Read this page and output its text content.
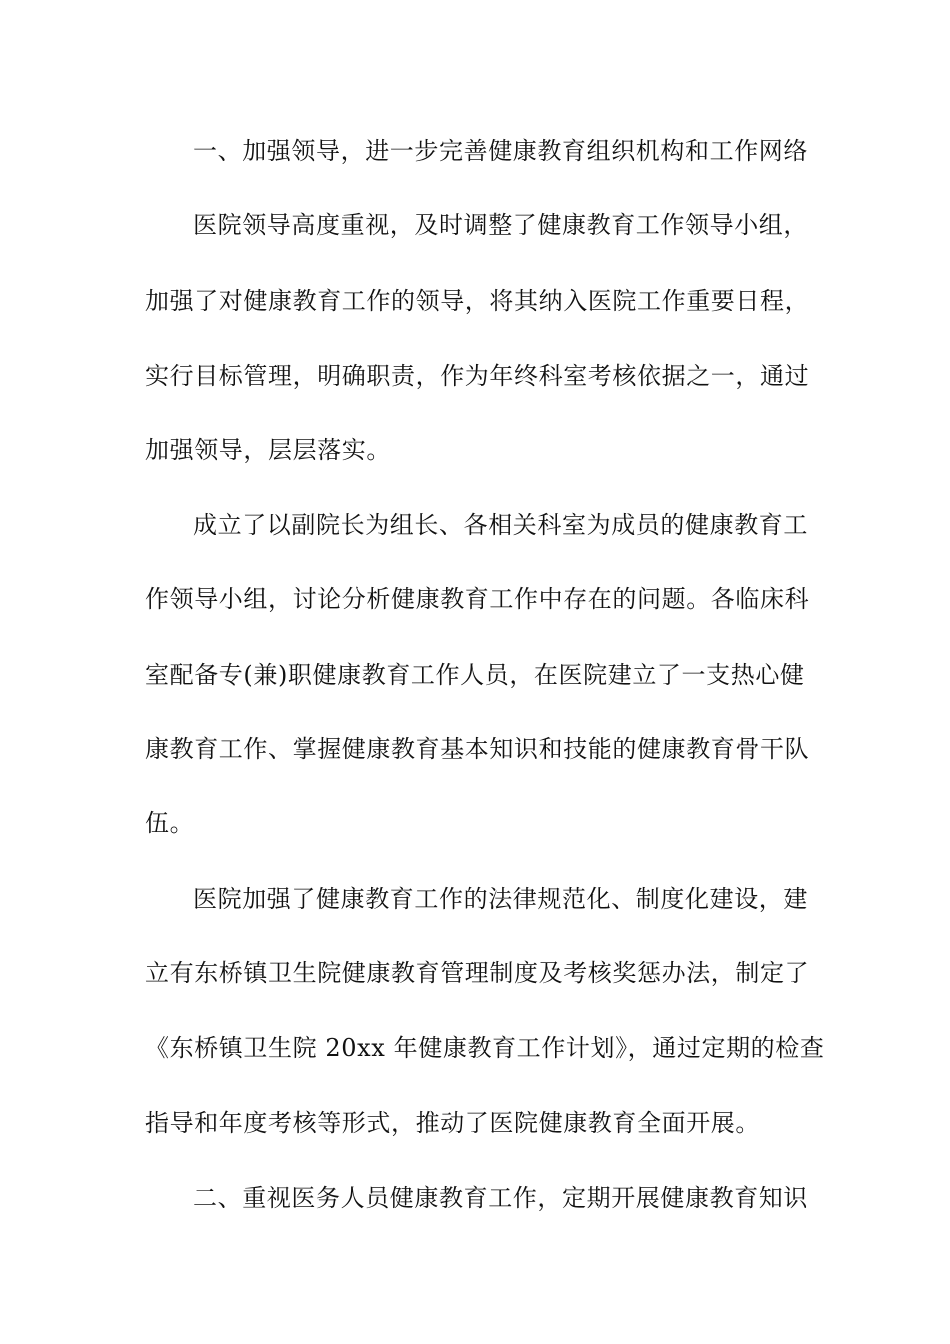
一、加强领导，进一步完善健康教育组织机构和工作网络

医院领导高度重视，及时调整了健康教育工作领导小组，

加强了对健康教育工作的领导，将其纳入医院工作重要日程，

实行目标管理，明确职责，作为年终科室考核依据之一，通过

加强领导，层层落实。

成立了以副院长为组长、各相关科室为成员的健康教育工

作领导小组，讨论分析健康教育工作中存在的问题。各临床科

室配备专(兼)职健康教育工作人员，在医院建立了一支热心健

康教育工作、掌握健康教育基本知识和技能的健康教育骨干队

伍。

医院加强了健康教育工作的法律规范化、制度化建设，建

立有东桥镇卫生院健康教育管理制度及考核奖惩办法，制定了

《东桥镇卫生院 20xx 年健康教育工作计划》，通过定期的检查

指导和年度考核等形式，推动了医院健康教育全面开展。

二、重视医务人员健康教育工作，定期开展健康教育知识
